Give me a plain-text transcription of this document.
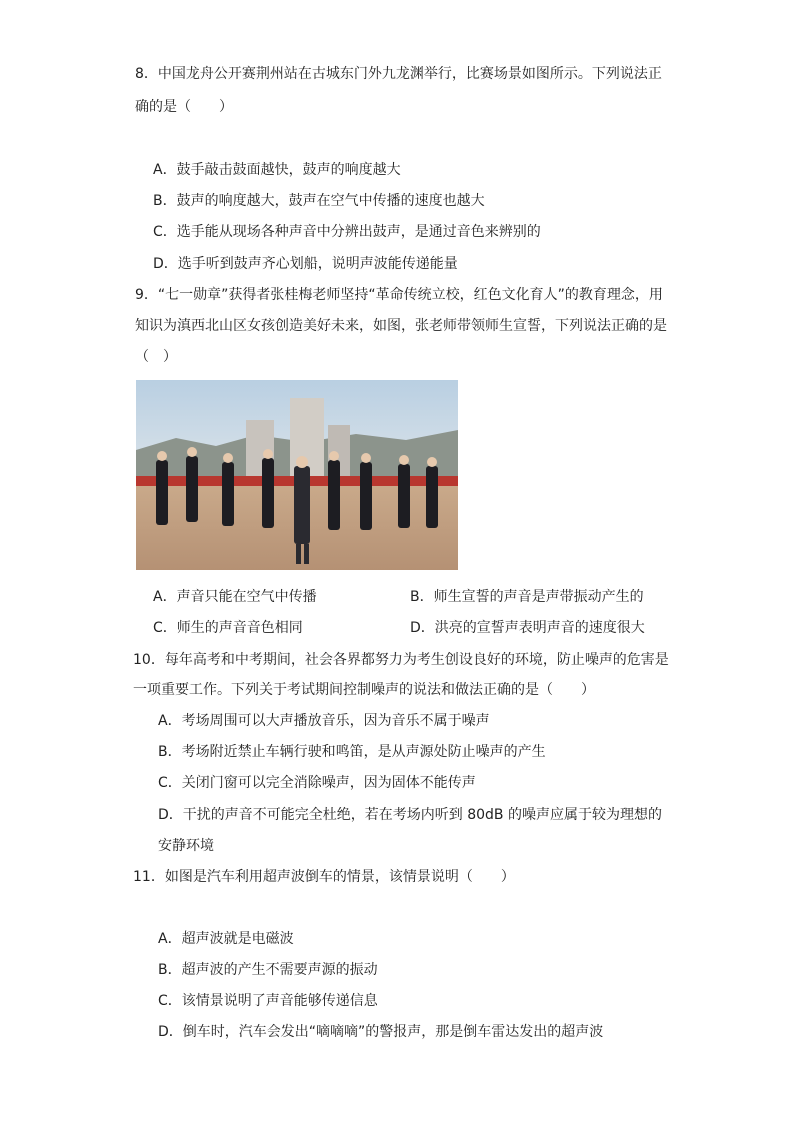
8．中国龙舟公开赛荆州站在古城东门外九龙渊举行，比赛场景如图所示。下列说法正
确的是（　　）
A．鼓手敲击鼓面越快，鼓声的响度越大
B．鼓声的响度越大，鼓声在空气中传播的速度也越大
C．选手能从现场各种声音中分辨出鼓声，是通过音色来辨别的
D．选手听到鼓声齐心划船，说明声波能传递能量
9．“七一勋章”获得者张桂梅老师坚持“革命传统立校，红色文化育人”的教育理念，用
知识为滇西北山区女孩创造美好未来，如图，张老师带领师生宣誓，下列说法正确的是
（　）
A．声音只能在空气中传播	B．师生宣誓的声音是声带振动产生的
C．师生的声音音色相同	D．洪亮的宣誓声表明声音的速度很大
10．每年高考和中考期间，社会各界都努力为考生创设良好的环境，防止噪声的危害是
一项重要工作。下列关于考试期间控制噪声的说法和做法正确的是（　　）
A．考场周围可以大声播放音乐，因为音乐不属于噪声
B．考场附近禁止车辆行驶和鸣笛，是从声源处防止噪声的产生
C．关闭门窗可以完全消除噪声，因为固体不能传声
D．干扰的声音不可能完全杜绝，若在考场内听到 80dB 的噪声应属于较为理想的
安静环境
11．如图是汽车利用超声波倒车的情景，该情景说明（　　）
A．超声波就是电磁波
B．超声波的产生不需要声源的振动
C．该情景说明了声音能够传递信息
D．倒车时，汽车会发出“嘀嘀嘀”的警报声，那是倒车雷达发出的超声波
